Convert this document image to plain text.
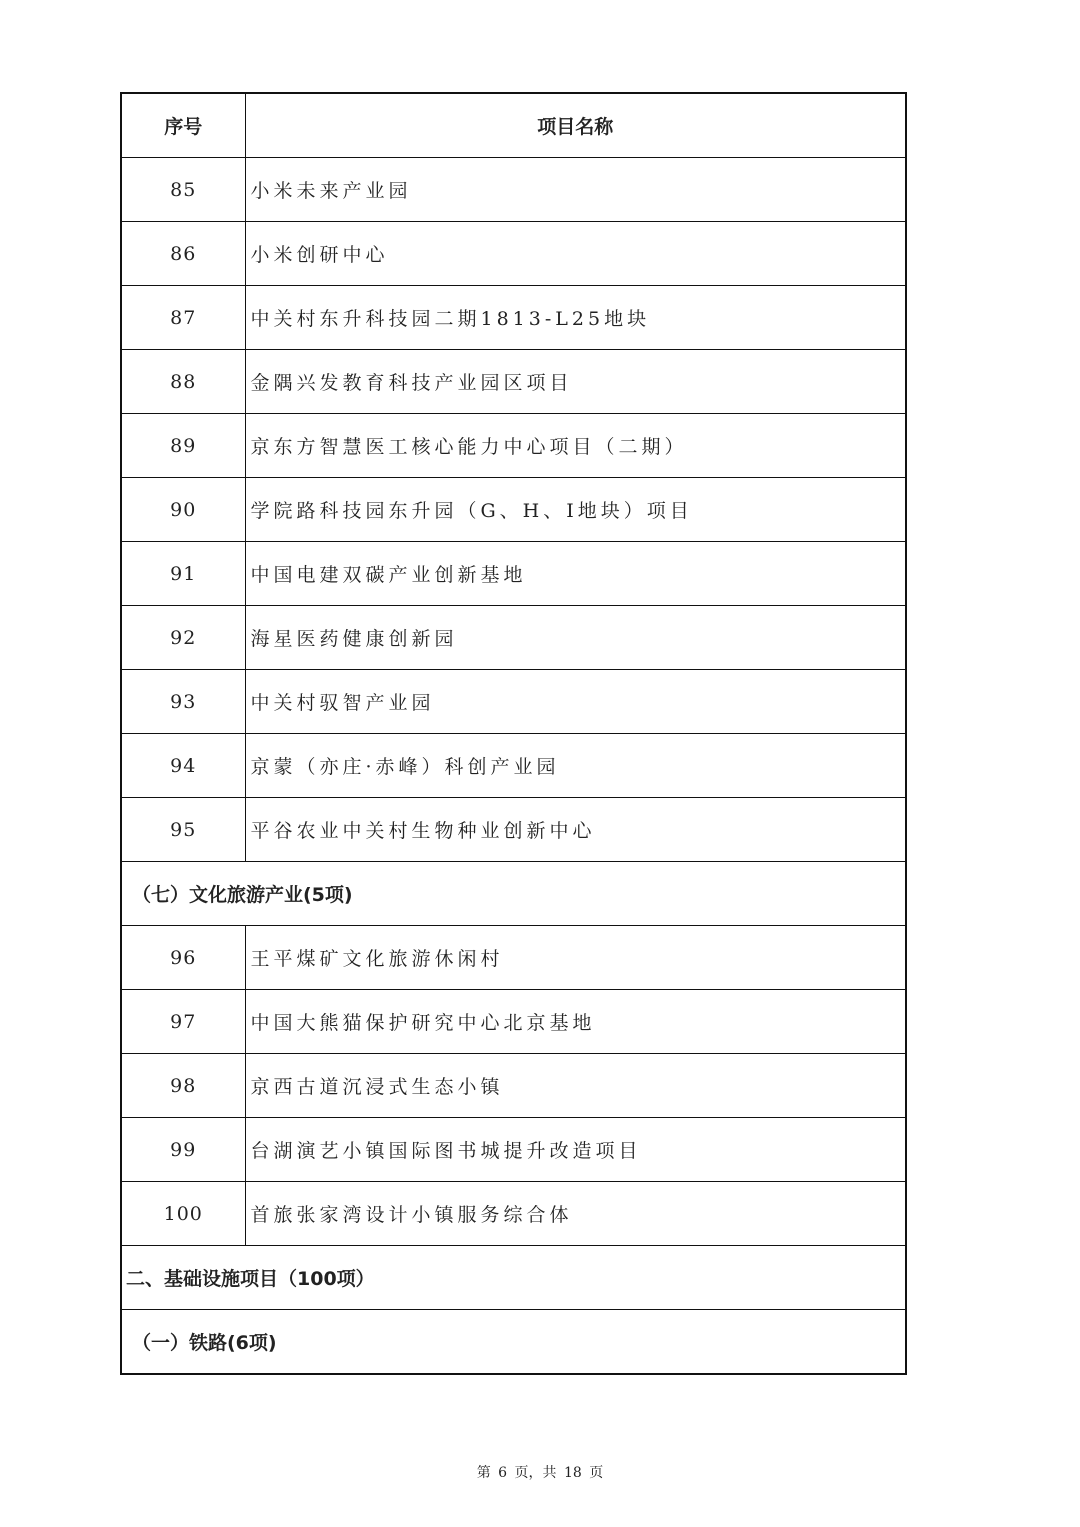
序号	项目名称
85	小米未来产业园
86	小米创研中心
87	中关村东升科技园二期1813-L25地块
88	金隅兴发教育科技产业园区项目
89	京东方智慧医工核心能力中心项目（二期）
90	学院路科技园东升园（G、H、I地块）项目
91	中国电建双碳产业创新基地
92	海星医药健康创新园
93	中关村驭智产业园
94	京蒙（亦庄·赤峰）科创产业园
95	平谷农业中关村生物种业创新中心
（七）文化旅游产业(5项)	
96	王平煤矿文化旅游休闲村
97	中国大熊猫保护研究中心北京基地
98	京西古道沉浸式生态小镇
99	台湖演艺小镇国际图书城提升改造项目
100	首旅张家湾设计小镇服务综合体
二、基础设施项目（100项）	
（一）铁路(6项)	
第 6 页，共 18 页
